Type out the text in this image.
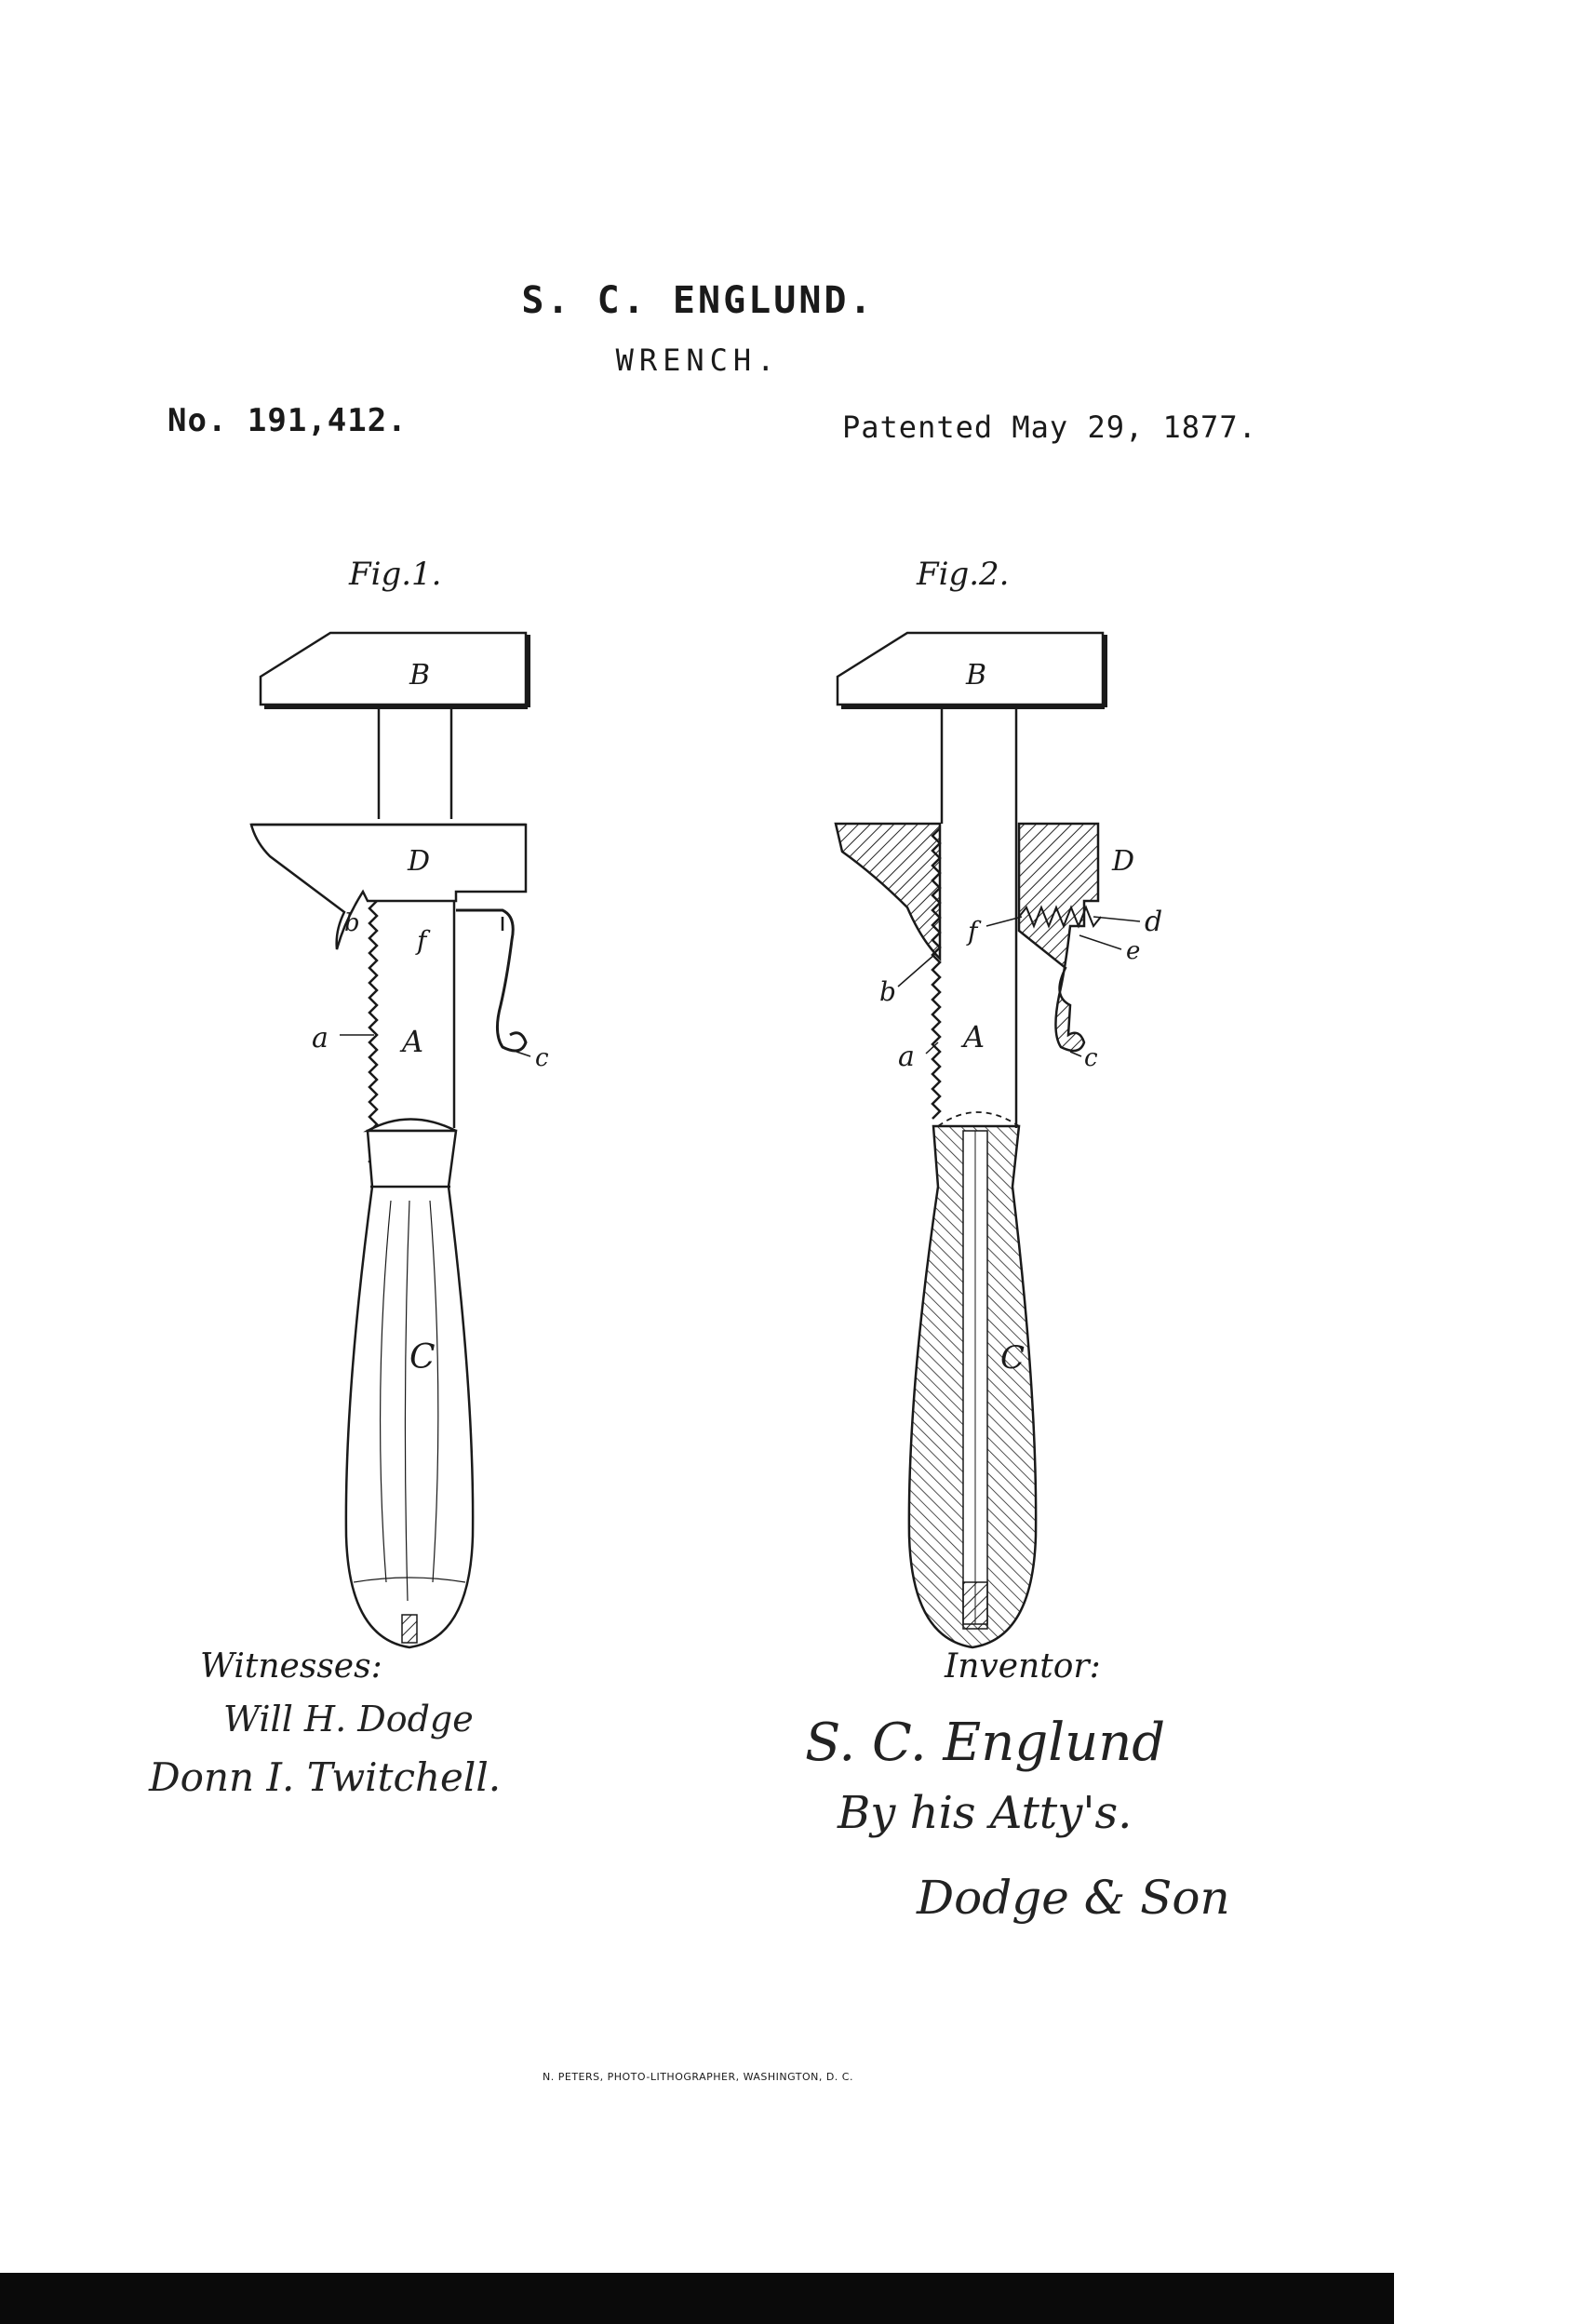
S. C. ENGLUND.
WRENCH.
No. 191,412.	Patented May 29, 1877.
Fig.1.	Fig.2.
B
D
b
f
a A	c
C
B
D
d
e
f
b
a
A
c
C
Witnesses:
Will H. Dodge
Donn I. Twitchell.
Inventor:
S. C. Englund
By his Atty's.
Dodge & Son
N. PETERS, PHOTO-LITHOGRAPHER, WASHINGTON, D. C.
